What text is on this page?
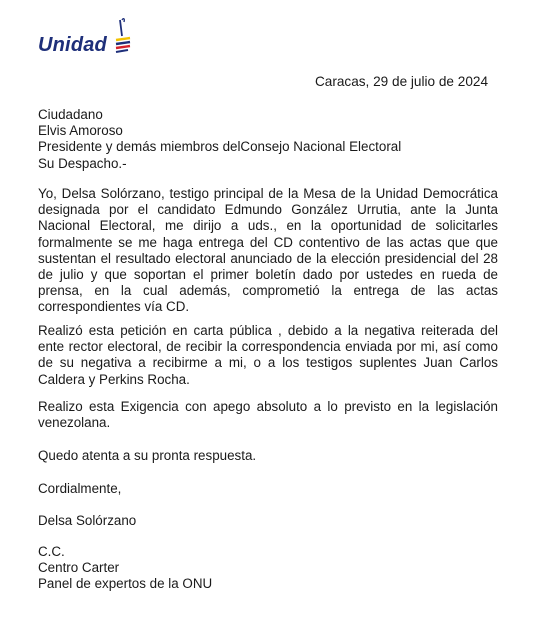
Unidad
Caracas, 29 de julio de 2024
Ciudadano
Elvis Amoroso
Presidente y demás miembros delConsejo Nacional Electoral
Su Despacho.-

Yo, Delsa Solórzano, testigo principal de la Mesa de la Unidad Democrática designada por el candidato Edmundo González Urrutia, ante la Junta Nacional Electoral, me dirijo a uds., en la oportunidad de solicitarles formalmente se me haga entrega del CD contentivo de las actas que que sustentan el resultado electoral anunciado de la elección presidencial del 28 de julio y que soportan el primer boletín dado por ustedes en rueda de prensa, en la cual además, comprometió la entrega de las actas correspondientes vía CD.

Realizó esta petición en carta pública , debido a la negativa reiterada del ente rector electoral, de recibir la correspondencia enviada por mi, así como de su negativa a recibirme a mi, o a los testigos suplentes Juan Carlos Caldera y Perkins Rocha.

Realizo esta Exigencia con apego absoluto a lo previsto en la legislación venezolana.

Quedo atenta a su pronta respuesta.

Cordialmente,

Delsa Solórzano

C.C.
Centro Carter
Panel de expertos de la ONU
